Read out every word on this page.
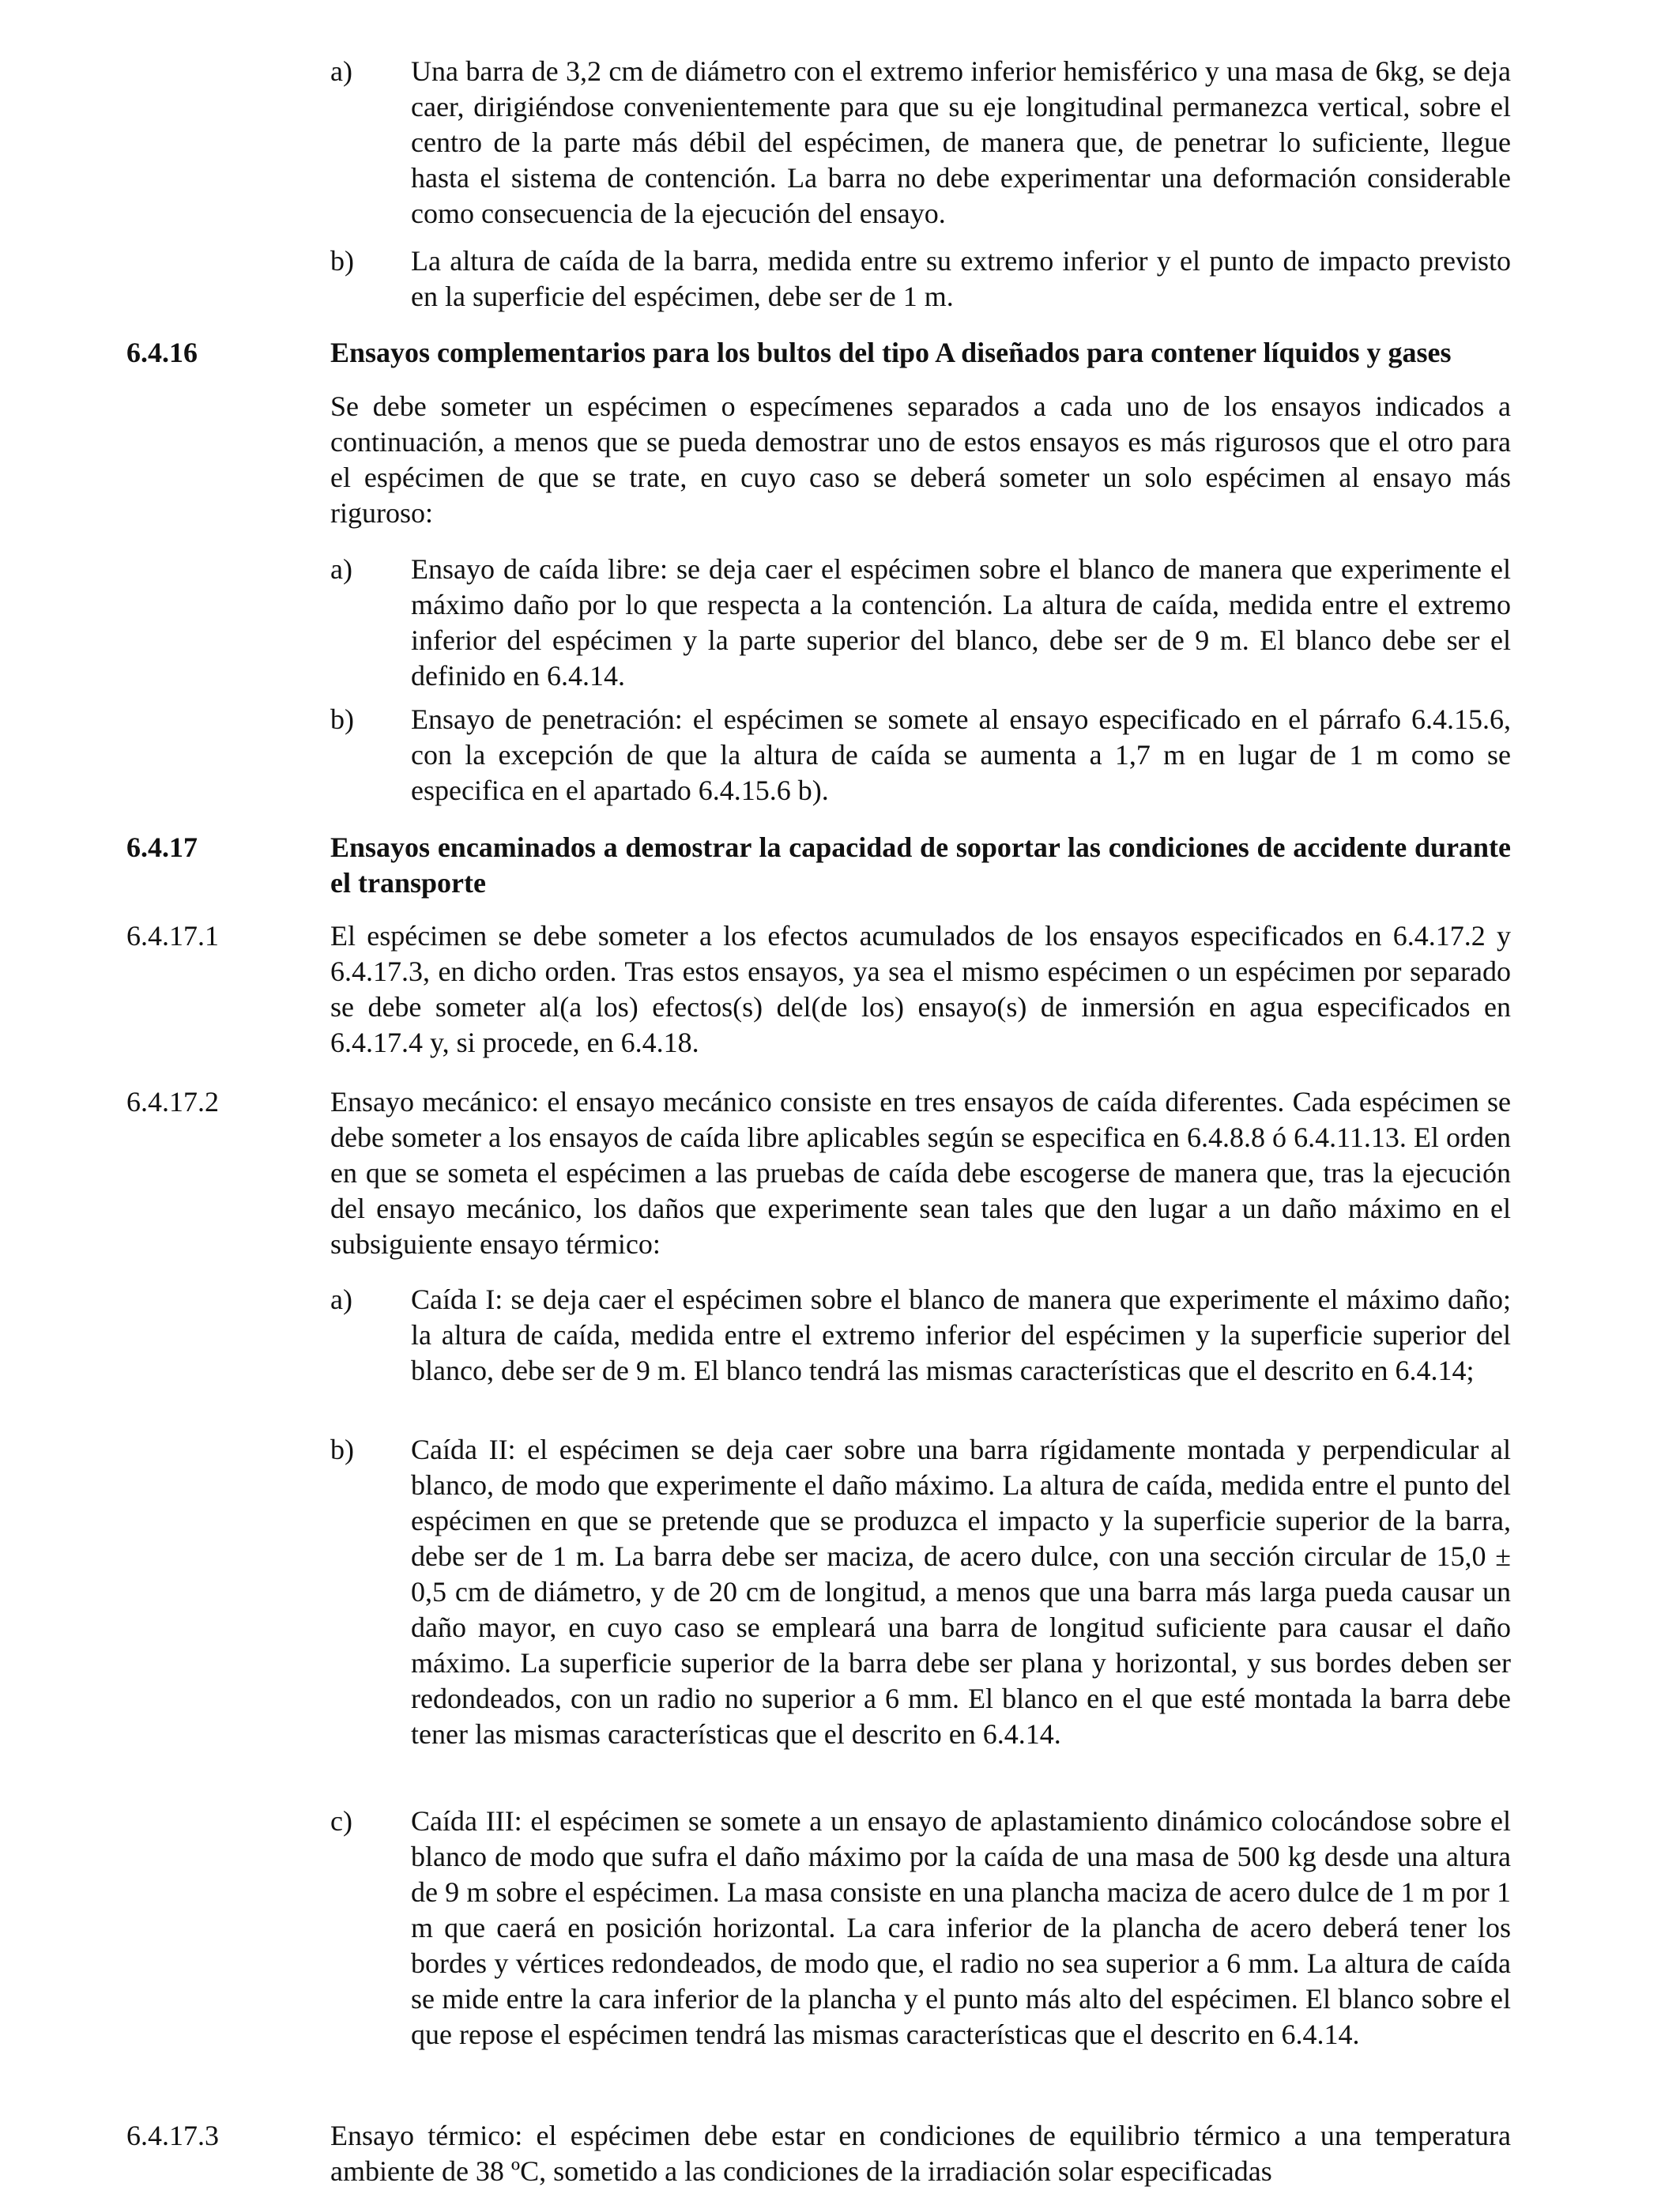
a)	Una barra de 3,2 cm de diámetro con el extremo inferior hemisférico y una masa de 6kg, se deja caer, dirigiéndose convenientemente para que su eje longitudinal permanezca vertical, sobre el centro de la parte más débil del espécimen, de manera que, de penetrar lo suficiente, llegue hasta el sistema de contención. La barra no debe experimentar una deformación considerable como consecuencia de la ejecución del ensayo.
b)	La altura de caída de la barra, medida entre su extremo inferior y el punto de impacto previsto en la superficie del espécimen, debe ser de 1 m.
6.4.16	Ensayos complementarios para los bultos del tipo A diseñados para contener líquidos y gases
Se debe someter un espécimen o especímenes separados a cada uno de los ensayos indicados a continuación, a menos que se pueda demostrar uno de estos ensayos es más rigurosos que el otro para el espécimen de que se trate, en cuyo caso se deberá someter un solo espécimen al ensayo más riguroso:
a)	Ensayo de caída libre: se deja caer el espécimen sobre el blanco de manera que experimente el máximo daño por lo que respecta a la contención. La altura de caída, medida entre el extremo inferior del espécimen y la parte superior del blanco, debe ser de 9 m. El blanco debe ser el definido en 6.4.14.
b)	Ensayo de penetración: el espécimen se somete al ensayo especificado en el párrafo 6.4.15.6, con la excepción de que la altura de caída se aumenta a 1,7 m en lugar de 1 m como se especifica en el apartado 6.4.15.6 b).
6.4.17	Ensayos encaminados a demostrar la capacidad de soportar las condiciones de accidente durante el transporte
6.4.17.1	El espécimen se debe someter a los efectos acumulados de los ensayos especificados en 6.4.17.2 y 6.4.17.3, en dicho orden. Tras estos ensayos, ya sea el mismo espécimen o un espécimen por separado se debe someter al(a los) efectos(s) del(de los) ensayo(s) de inmersión en agua especificados en 6.4.17.4 y, si procede, en 6.4.18.
6.4.17.2	Ensayo mecánico: el ensayo mecánico consiste en tres ensayos de caída diferentes. Cada espécimen se debe someter a los ensayos de caída libre aplicables según se especifica en 6.4.8.8 ó 6.4.11.13. El orden en que se someta el espécimen a las pruebas de caída debe escogerse de manera que, tras la ejecución del ensayo mecánico, los daños que experimente sean tales que den lugar a un daño máximo en el subsiguiente ensayo térmico:
a)	Caída I: se deja caer el espécimen sobre el blanco de manera que experimente el máximo daño; la altura de caída, medida entre el extremo inferior del espécimen y la superficie superior del blanco, debe ser de 9 m. El blanco tendrá las mismas características que el descrito en 6.4.14;
b)	Caída II: el espécimen se deja caer sobre una barra rígidamente montada y perpendicular al blanco, de modo que experimente el daño máximo. La altura de caída, medida entre el punto del espécimen en que se pretende que se produzca el impacto y la superficie superior de la barra, debe ser de 1 m. La barra debe ser maciza, de acero dulce, con una sección circular de 15,0 ± 0,5 cm de diámetro, y de 20 cm de longitud, a menos que una barra más larga pueda causar un daño mayor, en cuyo caso se empleará una barra de longitud suficiente para causar el daño máximo. La superficie superior de la barra debe ser plana y horizontal, y sus bordes deben ser redondeados, con un radio no superior a 6 mm. El blanco en el que esté montada la barra debe tener las mismas características que el descrito en 6.4.14.
c)	Caída III: el espécimen se somete a un ensayo de aplastamiento dinámico colocándose sobre el blanco de modo que sufra el daño máximo por la caída de una masa de 500 kg desde una altura de 9 m sobre el espécimen. La masa consiste en una plancha maciza de acero dulce de 1 m por 1 m que caerá en posición horizontal. La cara inferior de la plancha de acero deberá tener los bordes y vértices redondeados, de modo que, el radio no sea superior a 6 mm. La altura de caída se mide entre la cara inferior de la plancha y el punto más alto del espécimen. El blanco sobre el que repose el espécimen tendrá las mismas características que el descrito en 6.4.14.
6.4.17.3	Ensayo térmico: el espécimen debe estar en condiciones de equilibrio térmico a una temperatura ambiente de 38 ºC, sometido a las condiciones de la irradiación solar especificadas
